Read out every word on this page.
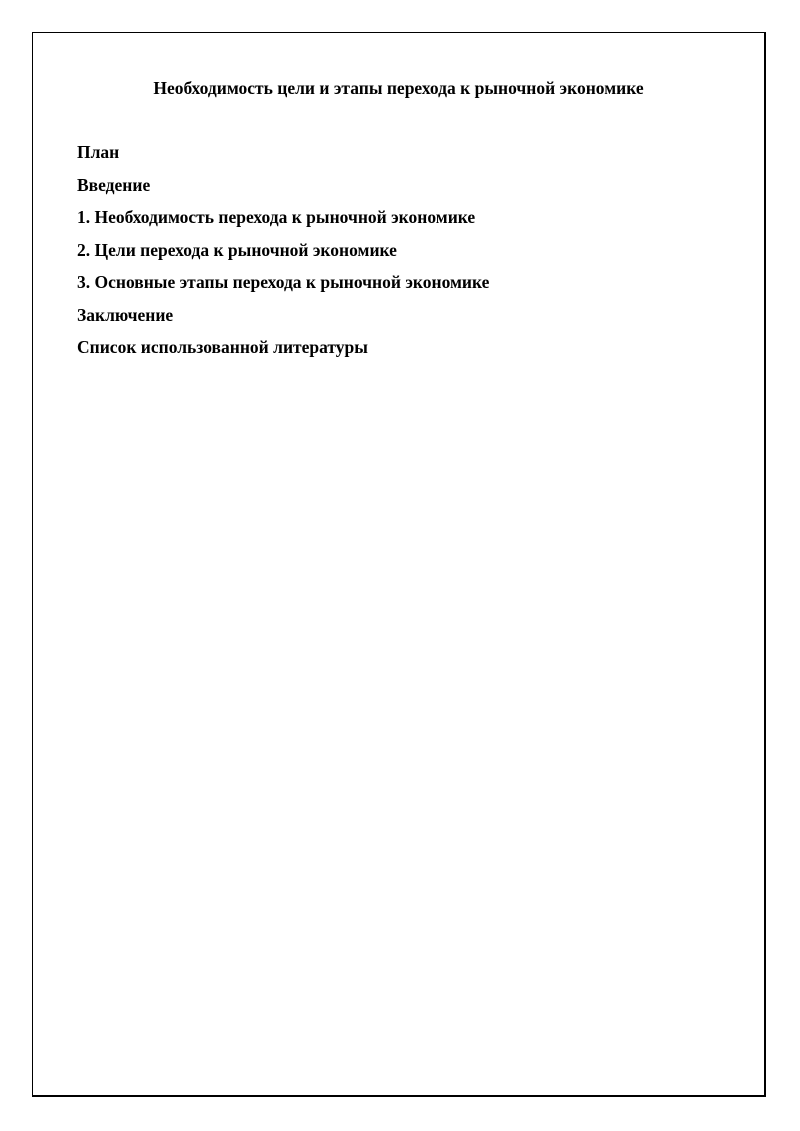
Необходимость цели и этапы перехода к рыночной экономике
План
Введение
1. Необходимость перехода к рыночной экономике
2. Цели перехода к рыночной экономике
3. Основные этапы перехода к рыночной экономике
Заключение
Список использованной литературы
